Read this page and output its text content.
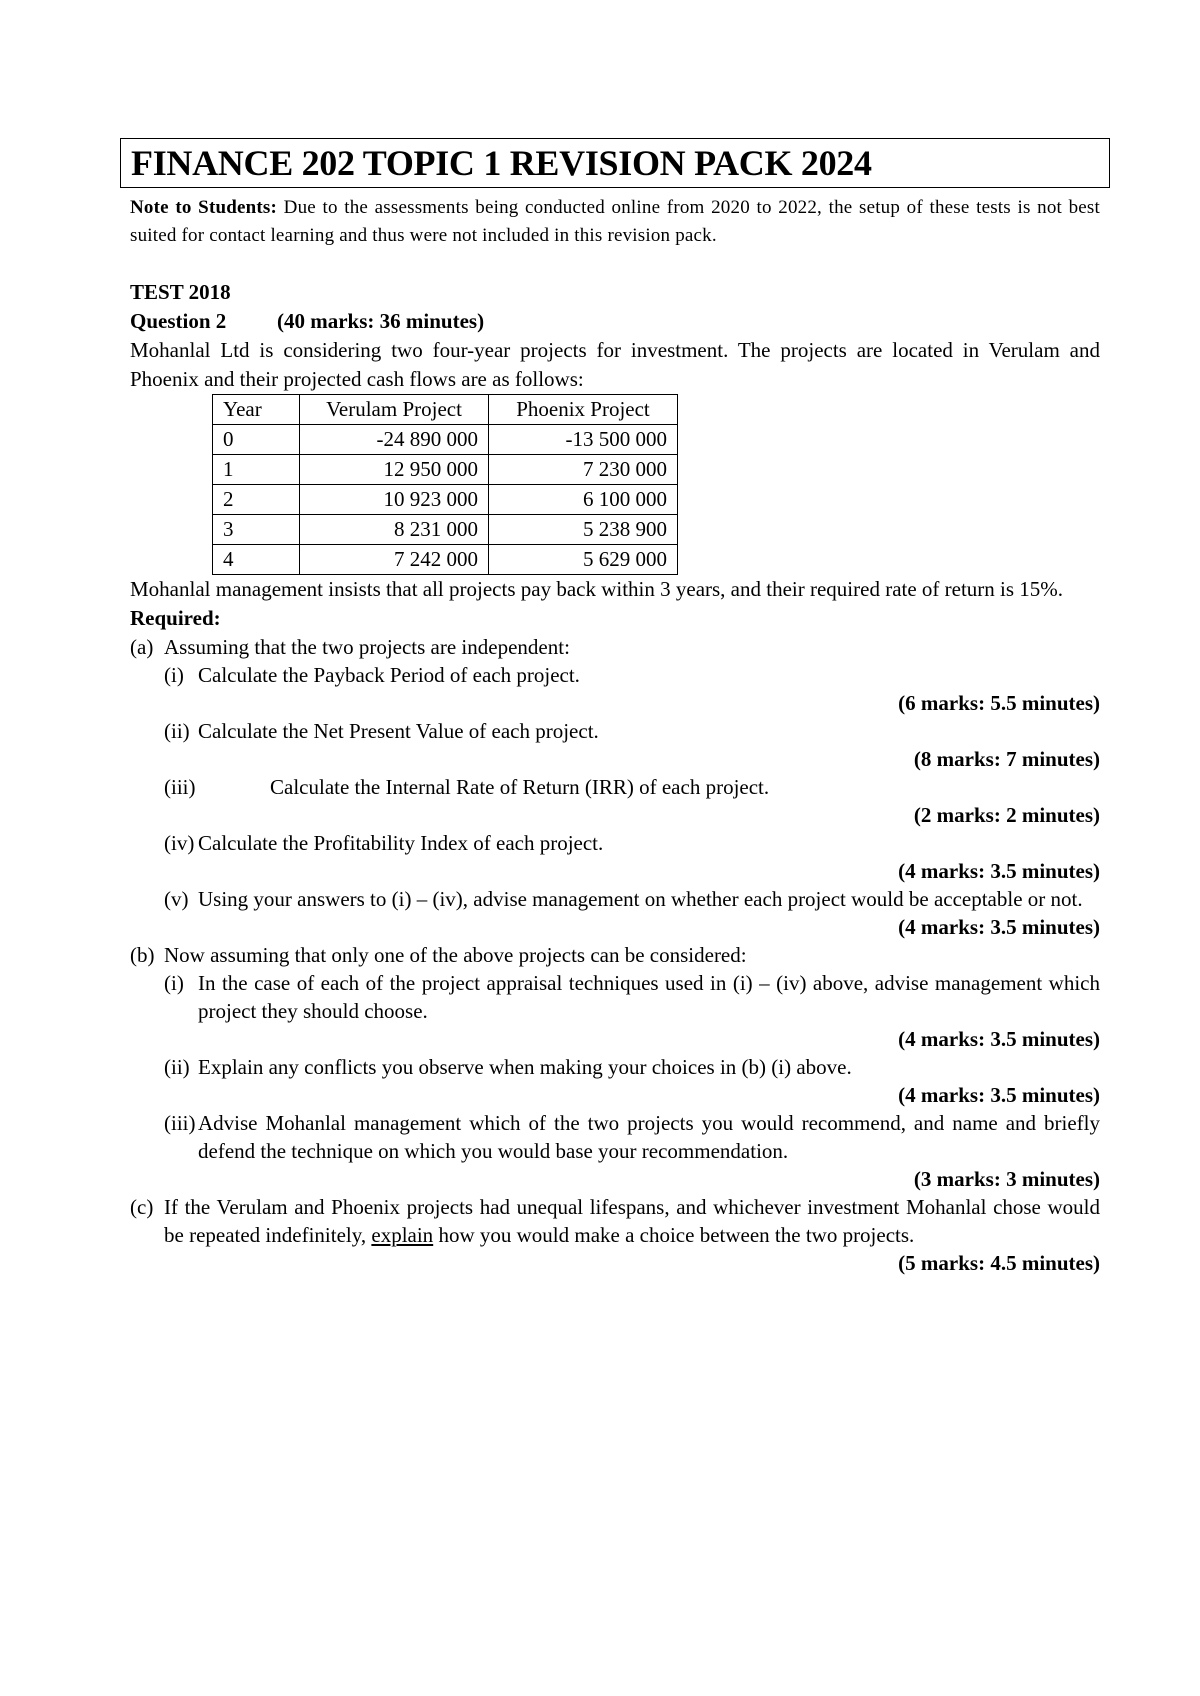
FINANCE 202 TOPIC 1 REVISION PACK 2024
Note to Students: Due to the assessments being conducted online from 2020 to 2022, the setup of these tests is not best suited for contact learning and thus were not included in this revision pack.
TEST 2018
Question 2	(40 marks: 36 minutes)
Mohanlal Ltd is considering two four-year projects for investment. The projects are located in Verulam and Phoenix and their projected cash flows are as follows:
Year	Verulam Project	Phoenix Project
0	-24 890 000	-13 500 000
1	12 950 000	7 230 000
2	10 923 000	6 100 000
3	8 231 000	5 238 900
4	7 242 000	5 629 000
Mohanlal management insists that all projects pay back within 3 years, and their required rate of return is 15%.
Required:
(a) Assuming that the two projects are independent:
(i) Calculate the Payback Period of each project.
(6 marks: 5.5 minutes)
(ii) Calculate the Net Present Value of each project.
(8 marks: 7 minutes)
(iii)	Calculate the Internal Rate of Return (IRR) of each project.
(2 marks: 2 minutes)
(iv) Calculate the Profitability Index of each project.
(4 marks: 3.5 minutes)
(v) Using your answers to (i) – (iv), advise management on whether each project would be acceptable or not.
(4 marks: 3.5 minutes)
(b) Now assuming that only one of the above projects can be considered:
(i) In the case of each of the project appraisal techniques used in (i) – (iv) above, advise management which project they should choose.
(4 marks: 3.5 minutes)
(ii) Explain any conflicts you observe when making your choices in (b) (i) above.
(4 marks: 3.5 minutes)
(iii) Advise Mohanlal management which of the two projects you would recommend, and name and briefly defend the technique on which you would base your recommendation.
(3 marks: 3 minutes)
(c) If the Verulam and Phoenix projects had unequal lifespans, and whichever investment Mohanlal chose would be repeated indefinitely, explain how you would make a choice between the two projects.
(5 marks: 4.5 minutes)
